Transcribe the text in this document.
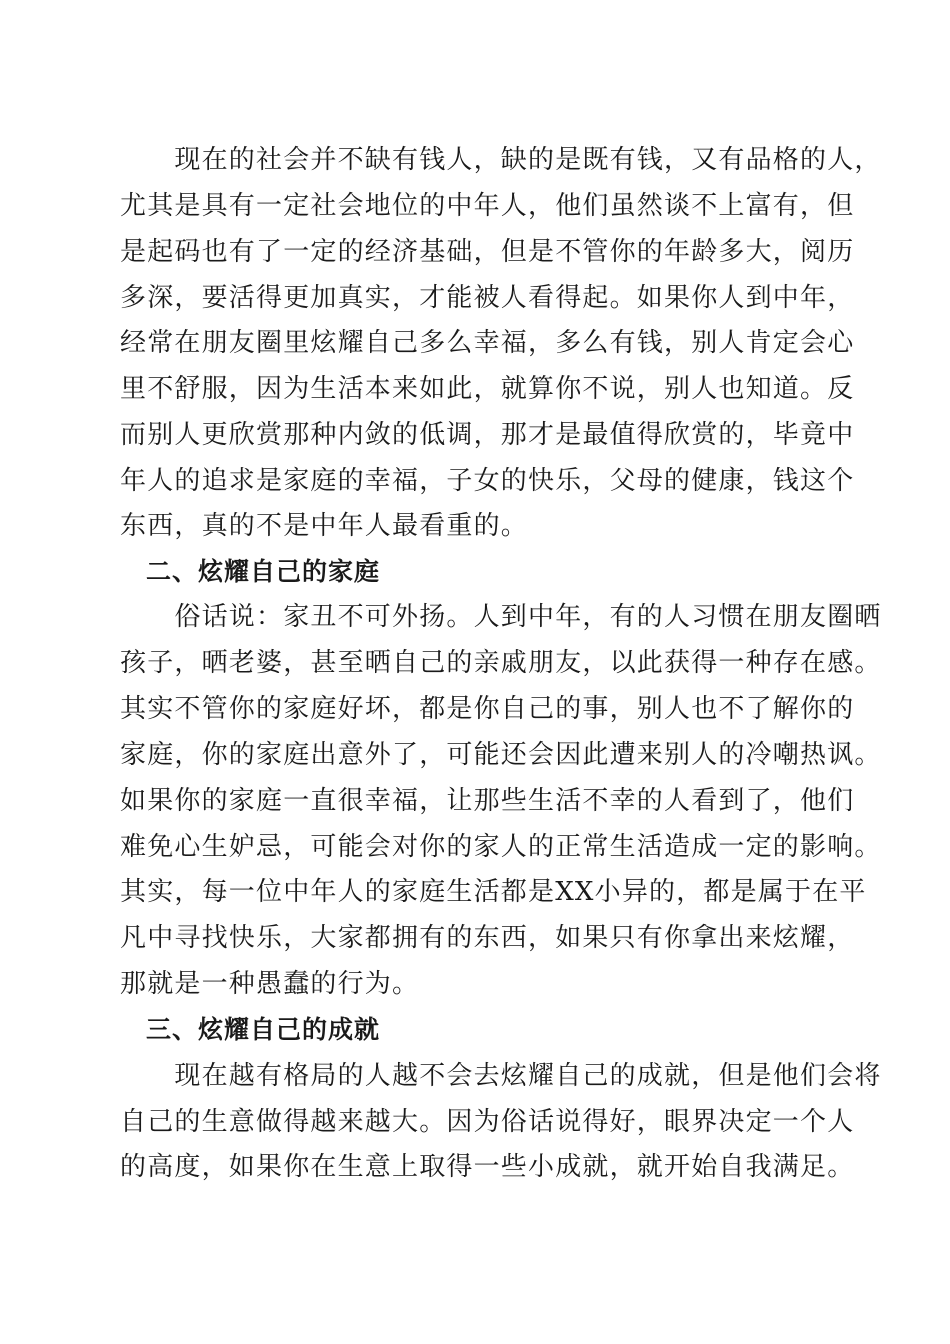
　　现在的社会并不缺有钱人，缺的是既有钱，又有品格的人，
尤其是具有一定社会地位的中年人，他们虽然谈不上富有，但
是起码也有了一定的经济基础，但是不管你的年龄多大，阅历
多深，要活得更加真实，才能被人看得起。如果你人到中年，
经常在朋友圈里炫耀自己多么幸福，多么有钱，别人肯定会心
里不舒服，因为生活本来如此，就算你不说，别人也知道。反
而别人更欣赏那种内敛的低调，那才是最值得欣赏的，毕竟中
年人的追求是家庭的幸福，子女的快乐，父母的健康，钱这个
东西，真的不是中年人最看重的。
　二、炫耀自己的家庭
　　俗话说：家丑不可外扬。人到中年，有的人习惯在朋友圈晒
孩子，晒老婆，甚至晒自己的亲戚朋友，以此获得一种存在感。
其实不管你的家庭好坏，都是你自己的事，别人也不了解你的
家庭，你的家庭出意外了，可能还会因此遭来别人的冷嘲热讽。
如果你的家庭一直很幸福，让那些生活不幸的人看到了，他们
难免心生妒忌，可能会对你的家人的正常生活造成一定的影响。
其实，每一位中年人的家庭生活都是XX小异的，都是属于在平
凡中寻找快乐，大家都拥有的东西，如果只有你拿出来炫耀，
那就是一种愚蠢的行为。
　三、炫耀自己的成就
　　现在越有格局的人越不会去炫耀自己的成就，但是他们会将
自己的生意做得越来越大。因为俗话说得好，眼界决定一个人
的高度，如果你在生意上取得一些小成就，就开始自我满足。
